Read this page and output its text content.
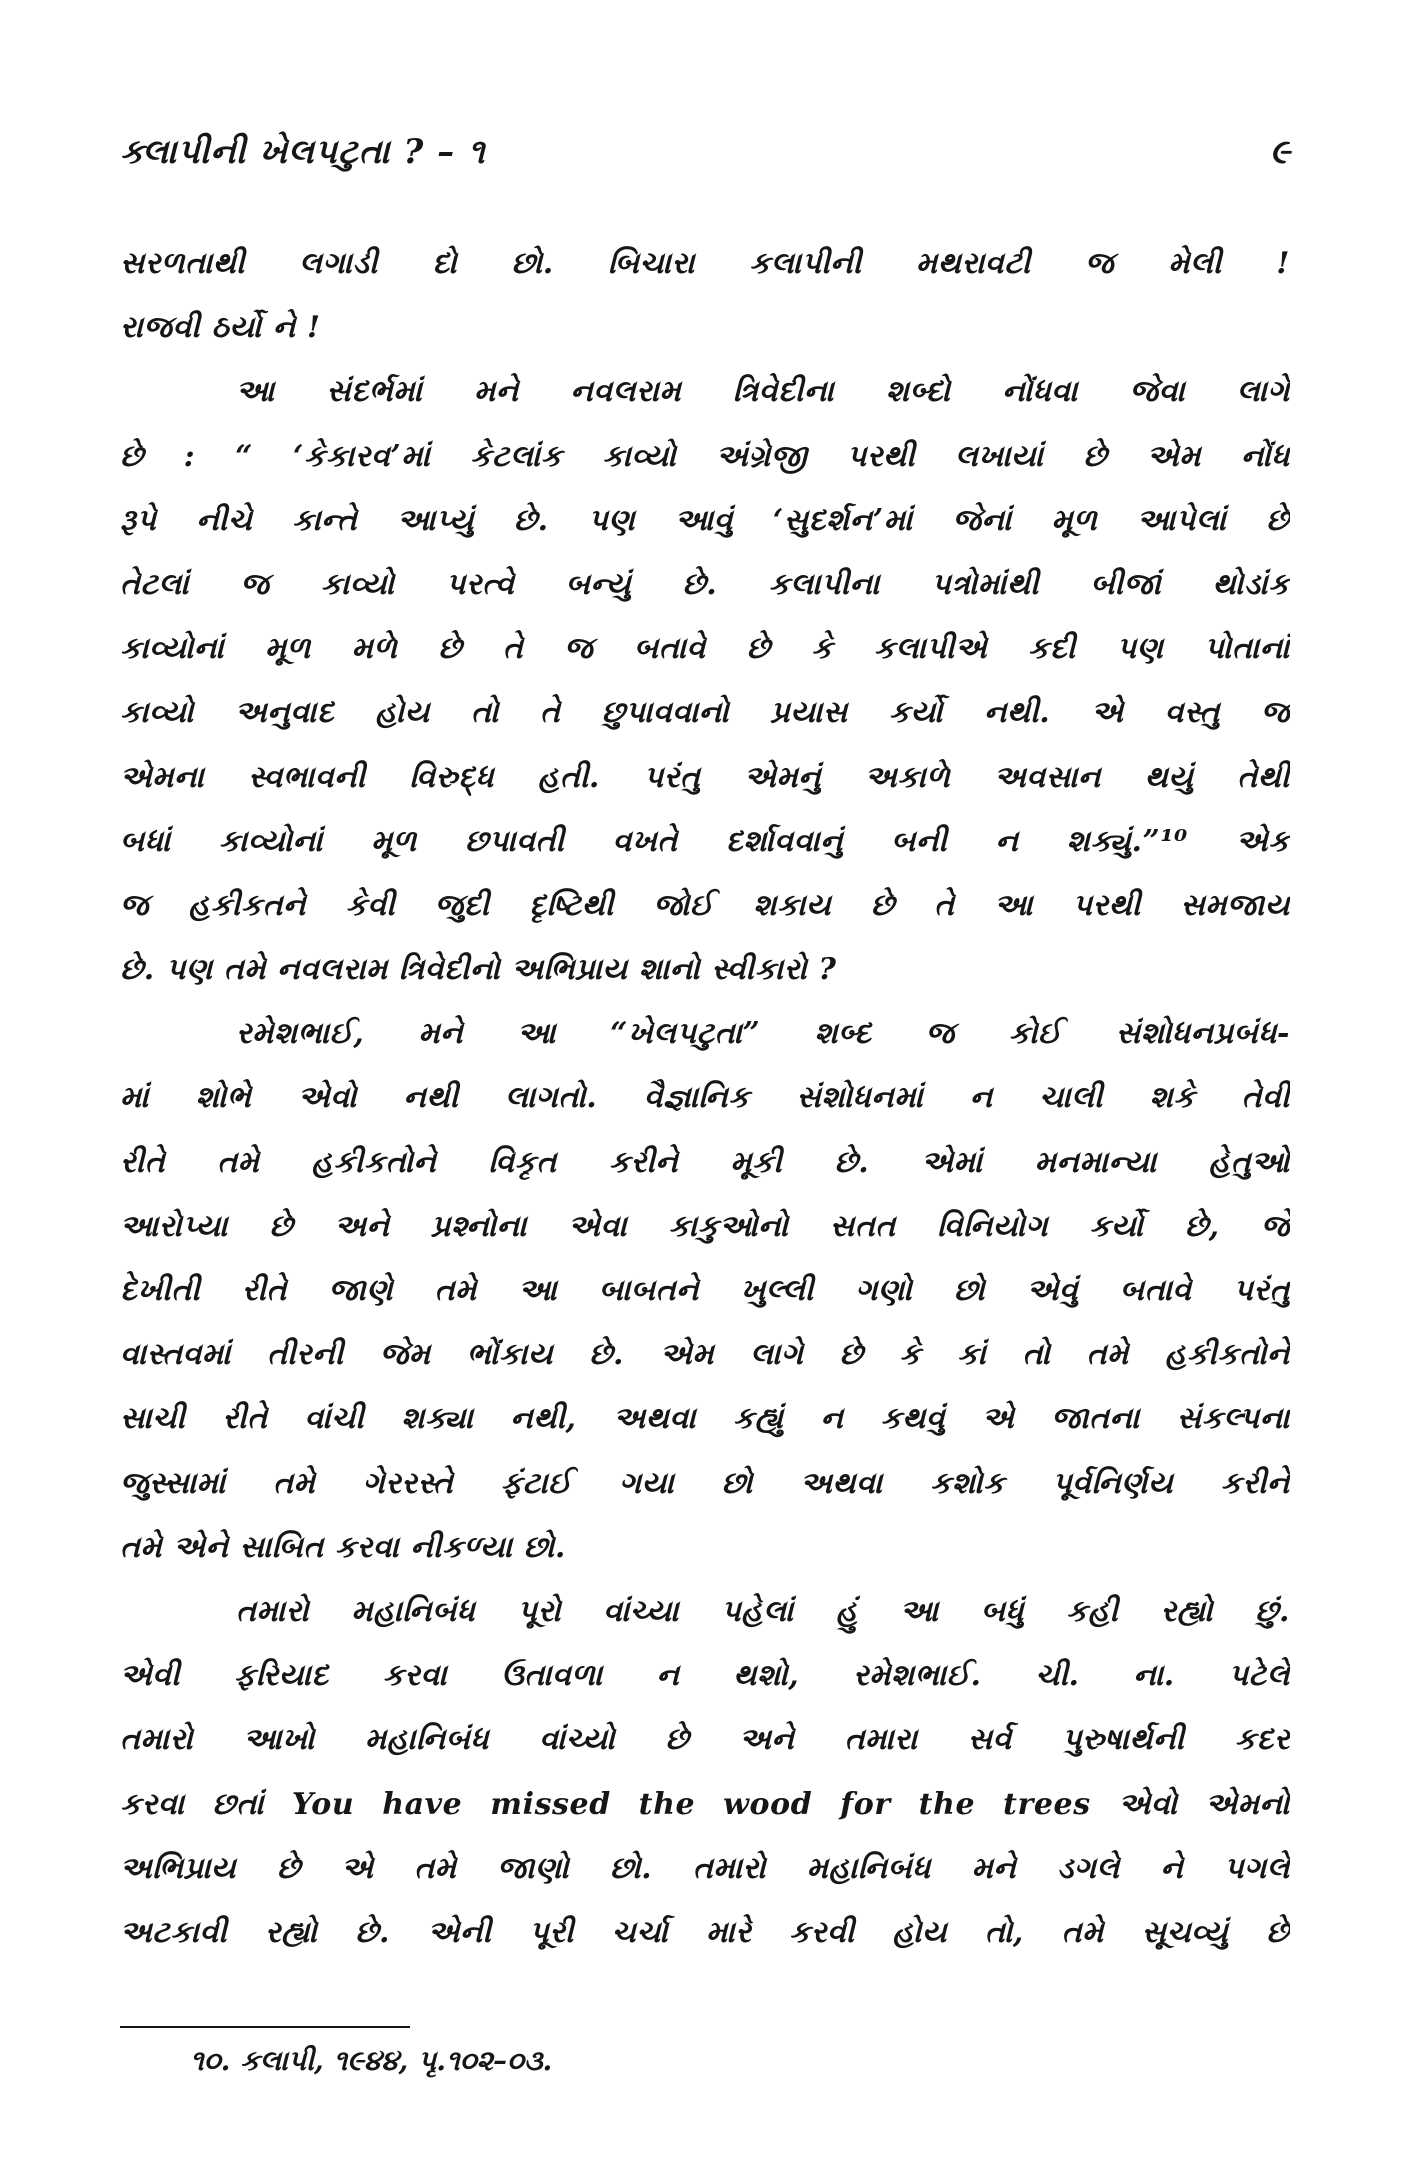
ક્લાપીની ખેલપટુતા ? – ૧	૯
સરળતાથી લગાડી દો છો. બિચારા કલાપીની મથરાવટી જ મેલી !
રાજવી ઠર્યો ને !
આ સંદર્ભમાં મને નવલરામ ત્રિવેદીના શબ્દો નોંધવા જેવા લાગે
છે : “ ‘કેકારવ’માં કેટલાંક કાવ્યો અંગ્રેજી પરથી લખાયાં છે એમ નોંધ
રૂપે નીચે કાન્તે આપ્યું છે. પણ આવું ‘સુદર્શન’માં જેનાં મૂળ આપેલાં છે
તેટલાં જ કાવ્યો પરત્વે બન્યું છે. કલાપીના પત્રોમાંથી બીજાં થોડાંક
કાવ્યોનાં મૂળ મળે છે તે જ બતાવે છે કે કલાપીએ કદી પણ પોતાનાં
કાવ્યો અનુવાદ હોય તો તે છુપાવવાનો પ્રયાસ કર્યો નથી. એ વસ્તુ જ
એમના સ્વભાવની વિરુદ્ધ હતી. પરંતુ એમનું અકાળે અવસાન થયું તેથી
બધાં કાવ્યોનાં મૂળ છપાવતી વખતે દર્શાવવાનું બની ન શક્યું.”¹⁰ એક
જ હકીકતને કેવી જુદી દૃષ્ટિથી જોઈ શકાય છે તે આ પરથી સમજાય
છે. પણ તમે નવલરામ ત્રિવેદીનો અભિપ્રાય શાનો સ્વીકારો ?
રમેશભાઈ, મને આ “ખેલપટુતા” શબ્દ જ કોઈ સંશોધનપ્રબંધ-
માં શોભે એવો નથી લાગતો. વૈજ્ઞાનિક સંશોધનમાં ન ચાલી શકે તેવી
રીતે તમે હકીકતોને વિકૃત કરીને મૂકી છે. એમાં મનમાન્યા હેતુઓ
આરોપ્યા છે અને પ્રશ્નોના એવા કાકુઓનો સતત વિનિયોગ કર્યો છે, જે
દેખીતી રીતે જાણે તમે આ બાબતને ખુલ્લી ગણો છો એવું બતાવે પરંતુ
વાસ્તવમાં તીરની જેમ ભોંકાય છે. એમ લાગે છે કે કાં તો તમે હકીકતોને
સાચી રીતે વાંચી શક્યા નથી, અથવા કહ્યું ન કથવું એ જાતના સંકલ્પના
જુસ્સામાં તમે ગેરરસ્તે ફંટાઈ ગયા છો અથવા કશોક પૂર્વનિર્ણય કરીને
તમે એને સાબિત કરવા નીકળ્યા છો.
તમારો મહાનિબંધ પૂરો વાંચ્યા પહેલાં હું આ બધું કહી રહ્યો છું.
એવી ફરિયાદ કરવા ઉતાવળા ન થશો, રમેશભાઈ. ચી. ના. પટેલે
તમારો આખો મહાનિબંધ વાંચ્યો છે અને તમારા સર્વ પુરુષાર્થની કદર
કરવા છતાં You have missed the wood for the trees એવો એમનો
અભિપ્રાય છે એ તમે જાણો છો. તમારો મહાનિબંધ મને ડગલે ને પગલે
અટકાવી રહ્યો છે. એની પૂરી ચર્ચા મારે કરવી હોય તો, તમે સૂચવ્યું છે
૧૦. કલાપી, ૧૯૪૪, પૃ.૧૦૨–૦૩.
